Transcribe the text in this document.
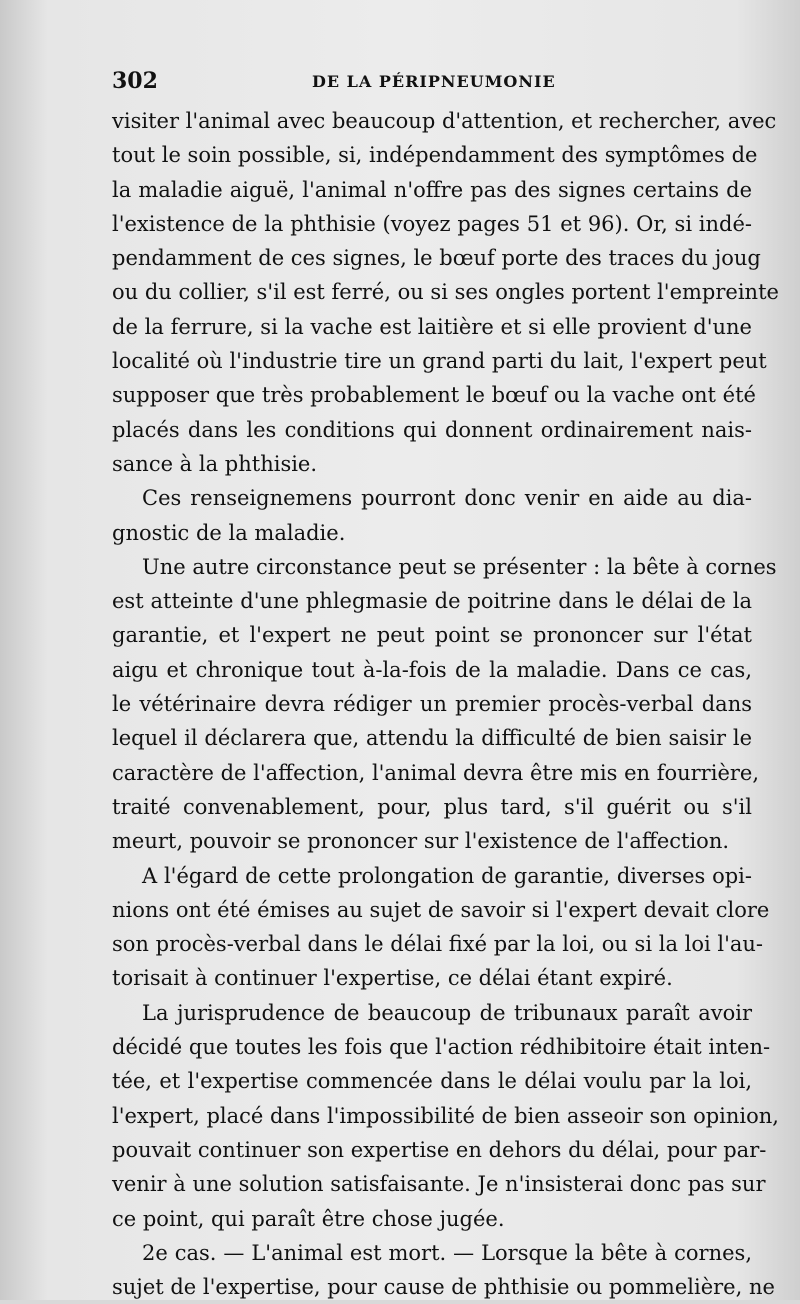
302	DE LA PÉRIPNEUMONIE
visiter l'animal avec beaucoup d'attention, et rechercher, avec
tout le soin possible, si, indépendamment des symptômes de
la maladie aiguë, l'animal n'offre pas des signes certains de
l'existence de la phthisie (voyez pages 51 et 96). Or, si indé-
pendamment de ces signes, le bœuf porte des traces du joug
ou du collier, s'il est ferré, ou si ses ongles portent l'empreinte
de la ferrure, si la vache est laitière et si elle provient d'une
localité où l'industrie tire un grand parti du lait, l'expert peut
supposer que très probablement le bœuf ou la vache ont été
placés dans les conditions qui donnent ordinairement nais-
sance à la phthisie.
Ces renseignemens pourront donc venir en aide au dia-
gnostic de la maladie.
Une autre circonstance peut se présenter : la bête à cornes
est atteinte d'une phlegmasie de poitrine dans le délai de la
garantie, et l'expert ne peut point se prononcer sur l'état
aigu et chronique tout à-la-fois de la maladie. Dans ce cas,
le vétérinaire devra rédiger un premier procès-verbal dans
lequel il déclarera que, attendu la difficulté de bien saisir le
caractère de l'affection, l'animal devra être mis en fourrière,
traité convenablement, pour, plus tard, s'il guérit ou s'il
meurt, pouvoir se prononcer sur l'existence de l'affection.
A l'égard de cette prolongation de garantie, diverses opi-
nions ont été émises au sujet de savoir si l'expert devait clore
son procès-verbal dans le délai fixé par la loi, ou si la loi l'au-
torisait à continuer l'expertise, ce délai étant expiré.
La jurisprudence de beaucoup de tribunaux paraît avoir
décidé que toutes les fois que l'action rédhibitoire était inten-
tée, et l'expertise commencée dans le délai voulu par la loi,
l'expert, placé dans l'impossibilité de bien asseoir son opinion,
pouvait continuer son expertise en dehors du délai, pour par-
venir à une solution satisfaisante. Je n'insisterai donc pas sur
ce point, qui paraît être chose jugée.
2e cas. — L'animal est mort. — Lorsque la bête à cornes,
sujet de l'expertise, pour cause de phthisie ou pommelière, ne
